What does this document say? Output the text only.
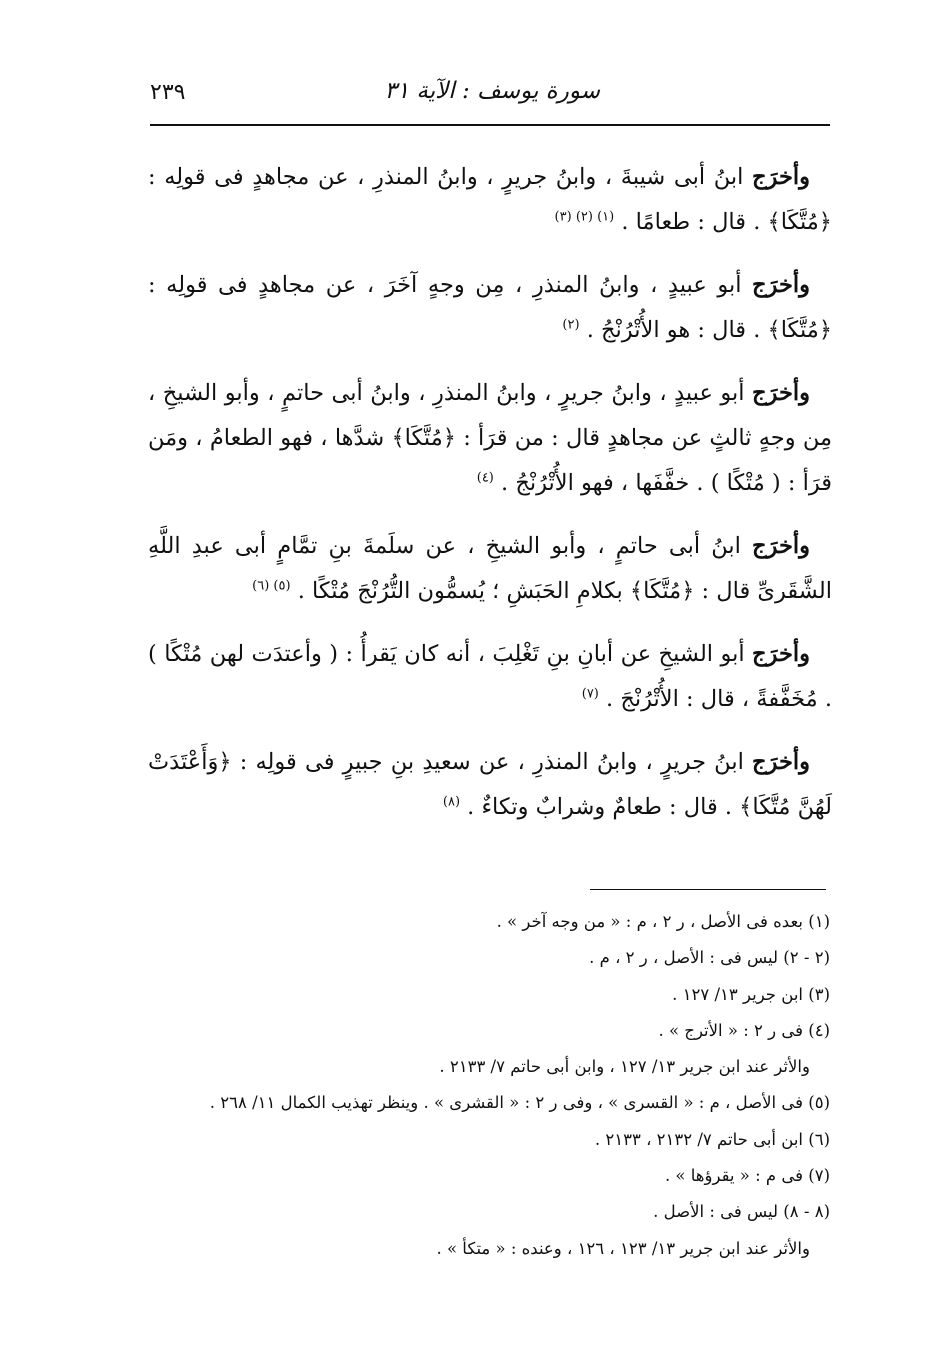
سورة يوسف : الآية ٣١
٢٣٩

وأخرَج ابنُ أبى شيبةَ ، وابنُ جريرٍ ، وابنُ المنذرِ ، عن مجاهدٍ فى قولِه : ﴿مُتَّكَا﴾ . قال : طعامًا . $^{(١) (٢) (٣)}$

وأخرَج أبو عبيدٍ ، وابنُ المنذرِ ، مِن وجهٍ آخَرَ ، عن مجاهدٍ فى قولِه : ﴿مُتَّكَا﴾ . قال : هو الأُتْرُنْجُ . $^{(٢)}$

وأخرَج أبو عبيدٍ ، وابنُ جريرٍ ، وابنُ المنذرِ ، وابنُ أبى حاتمٍ ، وأبو الشيخِ ، مِن وجهٍ ثالثٍ عن مجاهدٍ قال : من قرَأ : ﴿مُتَّكَا﴾ شدَّها ، فهو الطعامُ ، ومَن قرَأ : ( مُتْكًا ) . خفَّفَها ، فهو الأُتْرُنْجُ . $^{(٤)}$

وأخرَج ابنُ أبى حاتمٍ ، وأبو الشيخِ ، عن سلَمةَ بنِ تمَّامٍ أبى عبدِ اللَّهِ الشَّقَرىِّ قال : ﴿مُتَّكَا﴾ بكلامِ الحَبَشِ ؛ يُسمُّون التُّرُنْجَ مُتْكًا . $^{(٥) (٦)}$

وأخرَج أبو الشيخِ عن أبانِ بنِ تَغْلِبَ ، أنه كان يَقرأُ : ( وأعتدَت لهن مُتْكًا ) . مُخَفَّفةً ، قال : الأُتْرُنْجَ . $^{(٧)}$

وأخرَج ابنُ جريرٍ ، وابنُ المنذرِ ، عن سعيدِ بنِ جبيرٍ فى قولِه : ﴿وَأَعْتَدَتْ لَهُنَّ مُتَّكَا﴾ . قال : طعامٌ وشرابٌ وتكاءٌ . $^{(٨)}$

(١) بعده فى الأصل ، ر ٢ ، م : « من وجه آخر » .
(٢ - ٢) ليس فى : الأصل ، ر ٢ ، م .
(٣) ابن جرير ١٣/ ١٢٧ .
(٤) فى ر ٢ : « الأترج » .
والأثر عند ابن جرير ١٣/ ١٢٧ ، وابن أبى حاتم ٧/ ٢١٣٣ .
(٥) فى الأصل ، م : « القسرى » ، وفى ر ٢ : « القشرى » . وينظر تهذيب الكمال ١١/ ٢٦٨ .
(٦) ابن أبى حاتم ٧/ ٢١٣٢ ، ٢١٣٣ .
(٧) فى م : « يقرؤها » .
(٨ - ٨) ليس فى : الأصل .
والأثر عند ابن جرير ١٣/ ١٢٣ ، ١٢٦ ، وعنده : « متكأ » .
